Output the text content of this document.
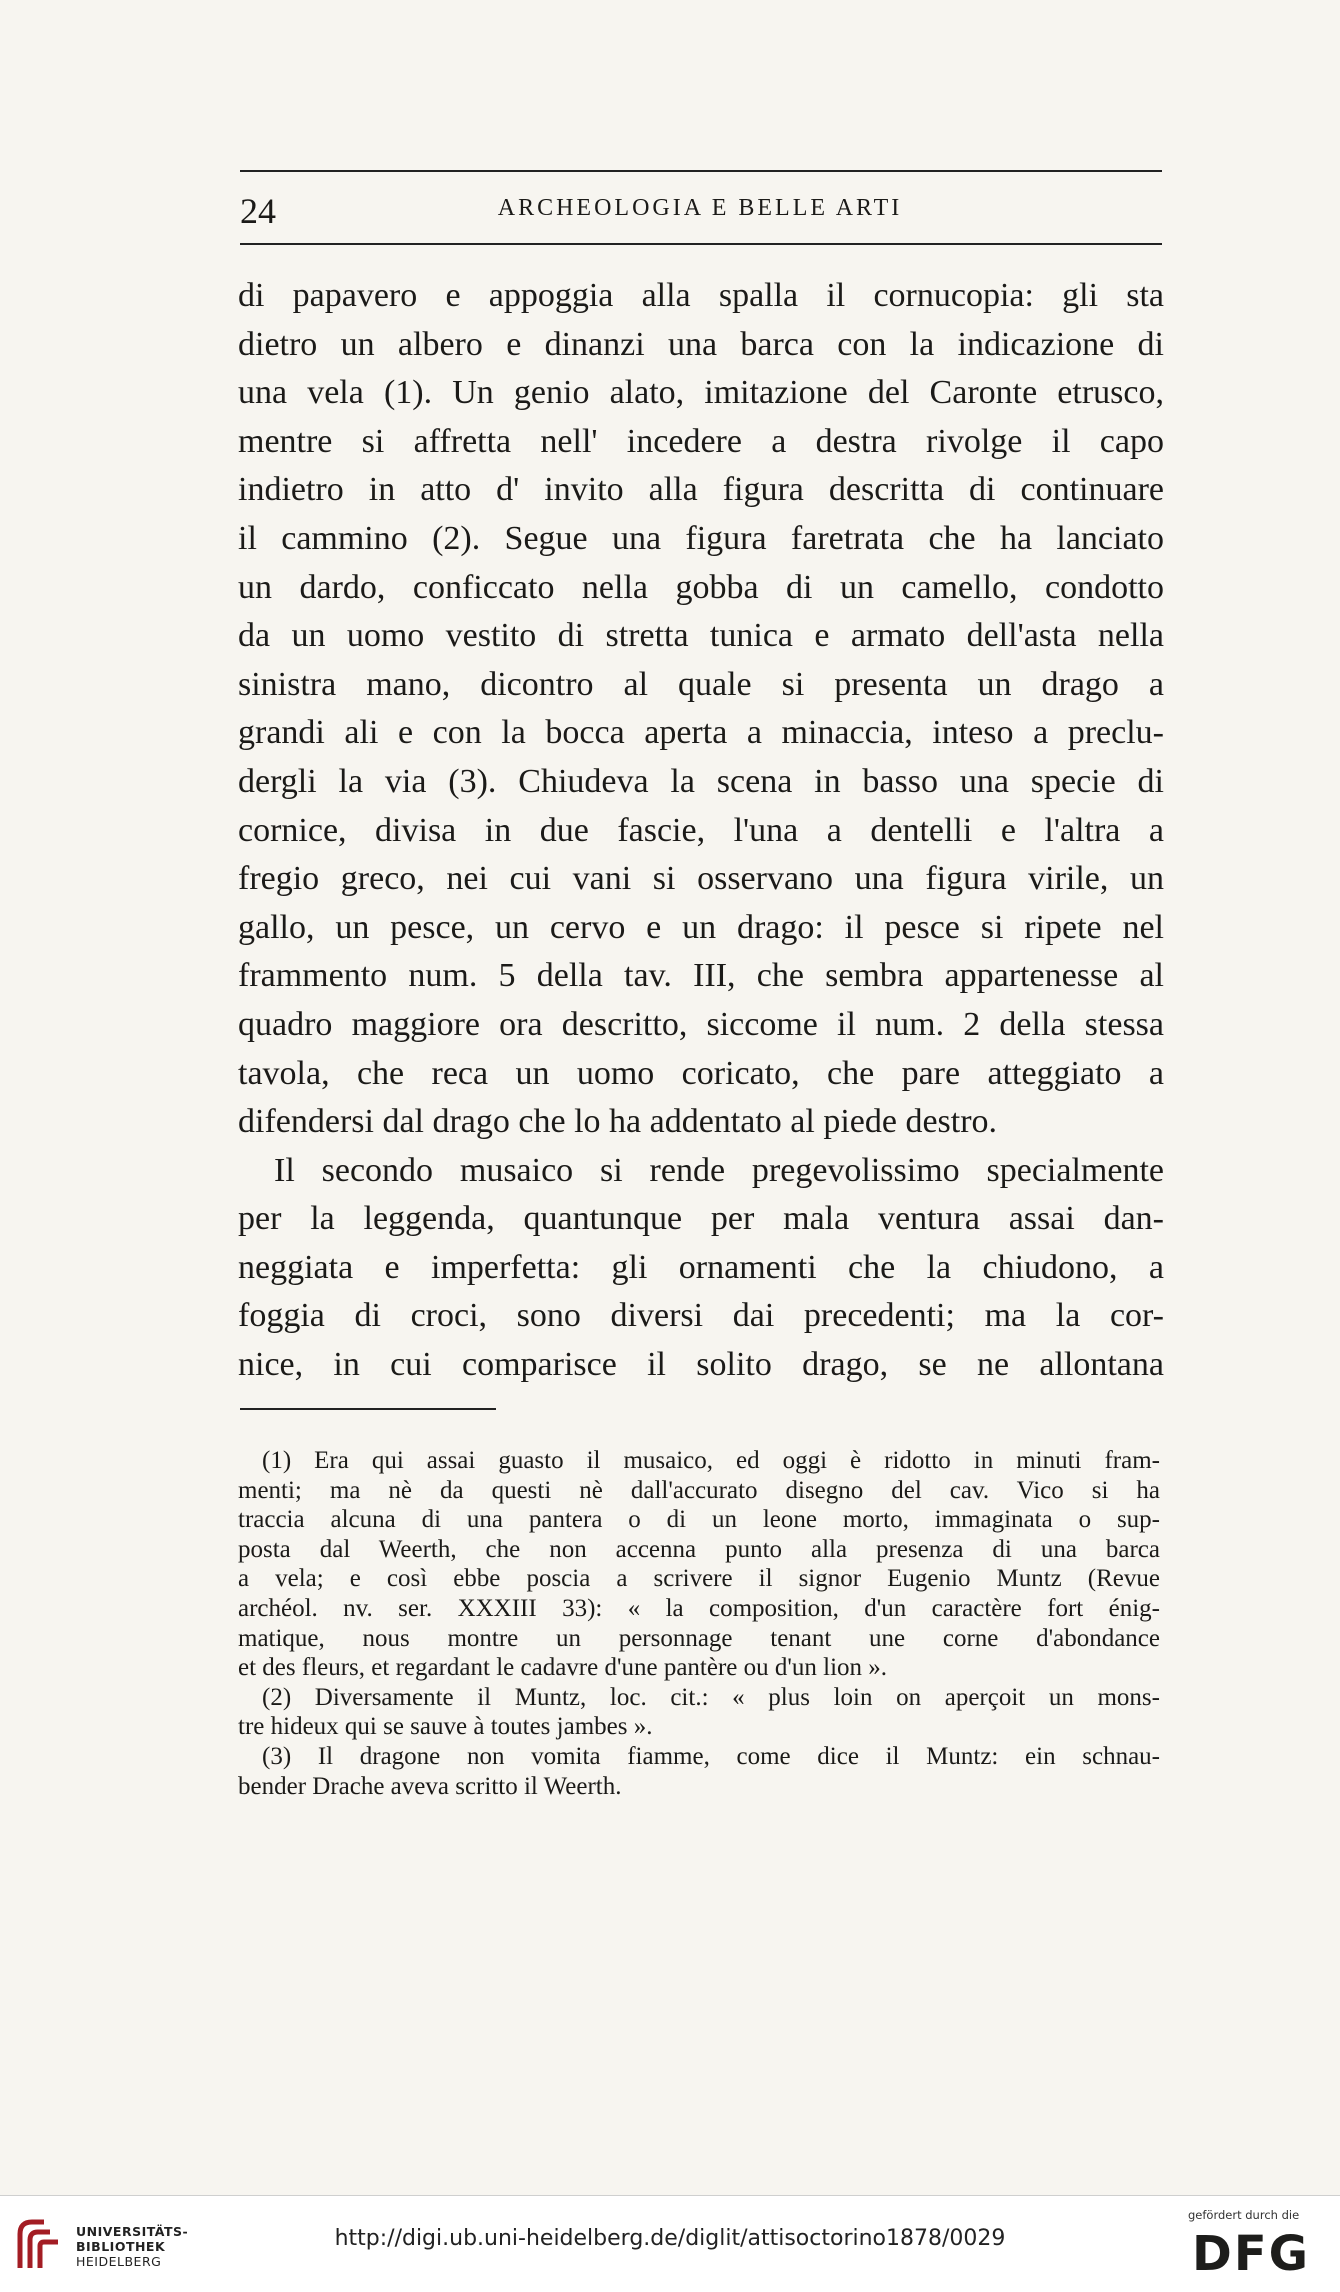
24	ARCHEOLOGIA E BELLE ARTI
di papavero e appoggia alla spalla il cornucopia: gli sta
dietro un albero e dinanzi una barca con la indicazione di
una vela (1). Un genio alato, imitazione del Caronte etrusco,
mentre si affretta nell' incedere a destra rivolge il capo
indietro in atto d' invito alla figura descritta di continuare
il cammino (2). Segue una figura faretrata che ha lanciato
un dardo, conficcato nella gobba di un camello, condotto
da un uomo vestito di stretta tunica e armato dell'asta nella
sinistra mano, dicontro al quale si presenta un drago a
grandi ali e con la bocca aperta a minaccia, inteso a preclu-
dergli la via (3). Chiudeva la scena in basso una specie di
cornice, divisa in due fascie, l'una a dentelli e l'altra a
fregio greco, nei cui vani si osservano una figura virile, un
gallo, un pesce, un cervo e un drago: il pesce si ripete nel
frammento num. 5 della tav. III, che sembra appartenesse al
quadro maggiore ora descritto, siccome il num. 2 della stessa
tavola, che reca un uomo coricato, che pare atteggiato a
difendersi dal drago che lo ha addentato al piede destro.
Il secondo musaico si rende pregevolissimo specialmente
per la leggenda, quantunque per mala ventura assai dan-
neggiata e imperfetta: gli ornamenti che la chiudono, a
foggia di croci, sono diversi dai precedenti; ma la cor-
nice, in cui comparisce il solito drago, se ne allontana
(1) Era qui assai guasto il musaico, ed oggi è ridotto in minuti fram-
menti; ma nè da questi nè dall'accurato disegno del cav. Vico si ha
traccia alcuna di una pantera o di un leone morto, immaginata o sup-
posta dal Weerth, che non accenna punto alla presenza di una barca
a vela; e così ebbe poscia a scrivere il signor Eugenio Muntz (Revue
archéol. nv. ser. XXXIII 33): « la composition, d'un caractère fort énig-
matique, nous montre un personnage tenant une corne d'abondance
et des fleurs, et regardant le cadavre d'une pantère ou d'un lion ».
(2) Diversamente il Muntz, loc. cit.: « plus loin on aperçoit un mons-
tre hideux qui se sauve à toutes jambes ».
(3) Il dragone non vomita fiamme, come dice il Muntz: ein schnau-
bender Drache aveva scritto il Weerth.
UNIVERSITÄTS-
BIBLIOTHEK
HEIDELBERG
http://digi.ub.uni-heidelberg.de/diglit/attisoctorino1878/0029
gefördert durch die
DFG
